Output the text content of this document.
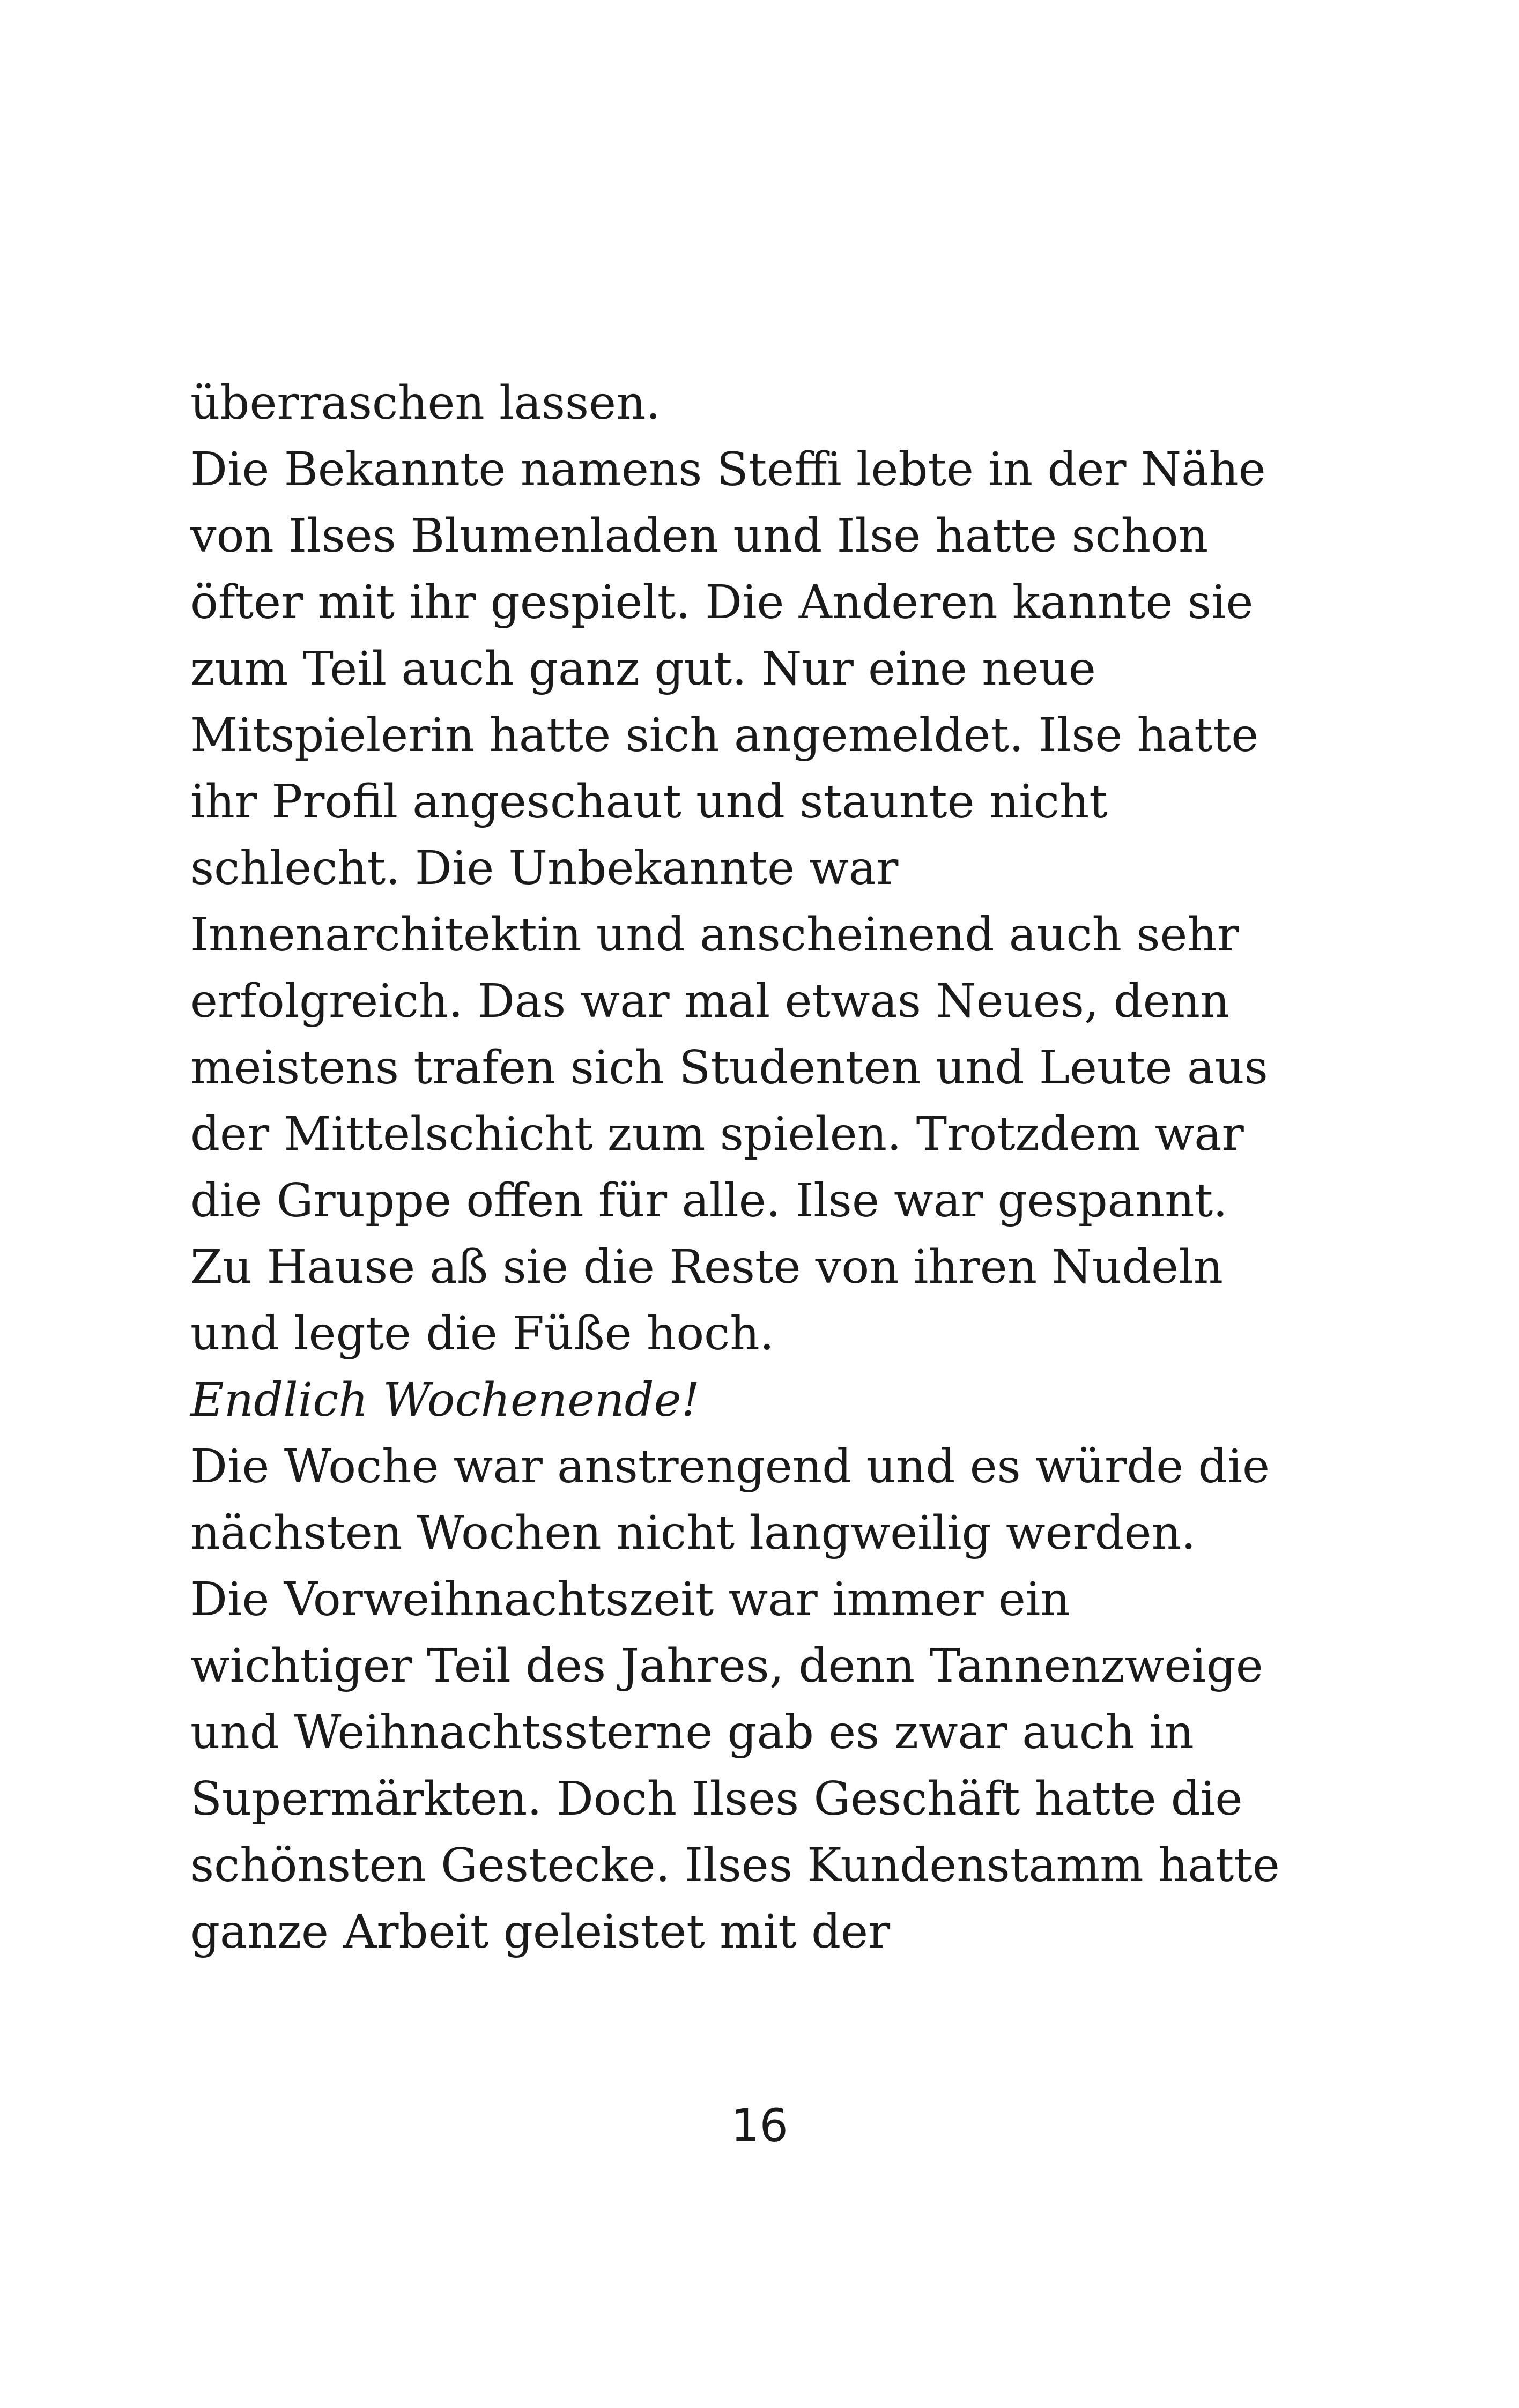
überraschen lassen.
Die Bekannte namens Steffi lebte in der Nähe
von Ilses Blumenladen und Ilse hatte schon
öfter mit ihr gespielt. Die Anderen kannte sie
zum Teil auch ganz gut. Nur eine neue
Mitspielerin hatte sich angemeldet. Ilse hatte
ihr Profil angeschaut und staunte nicht
schlecht. Die Unbekannte war
Innenarchitektin und anscheinend auch sehr
erfolgreich. Das war mal etwas Neues, denn
meistens trafen sich Studenten und Leute aus
der Mittelschicht zum spielen. Trotzdem war
die Gruppe offen für alle. Ilse war gespannt.
Zu Hause aß sie die Reste von ihren Nudeln
und legte die Füße hoch.
Endlich Wochenende!
Die Woche war anstrengend und es würde die
nächsten Wochen nicht langweilig werden.
Die Vorweihnachtszeit war immer ein
wichtiger Teil des Jahres, denn Tannenzweige
und Weihnachtssterne gab es zwar auch in
Supermärkten. Doch Ilses Geschäft hatte die
schönsten Gestecke. Ilses Kundenstamm hatte
ganze Arbeit geleistet mit der
16
